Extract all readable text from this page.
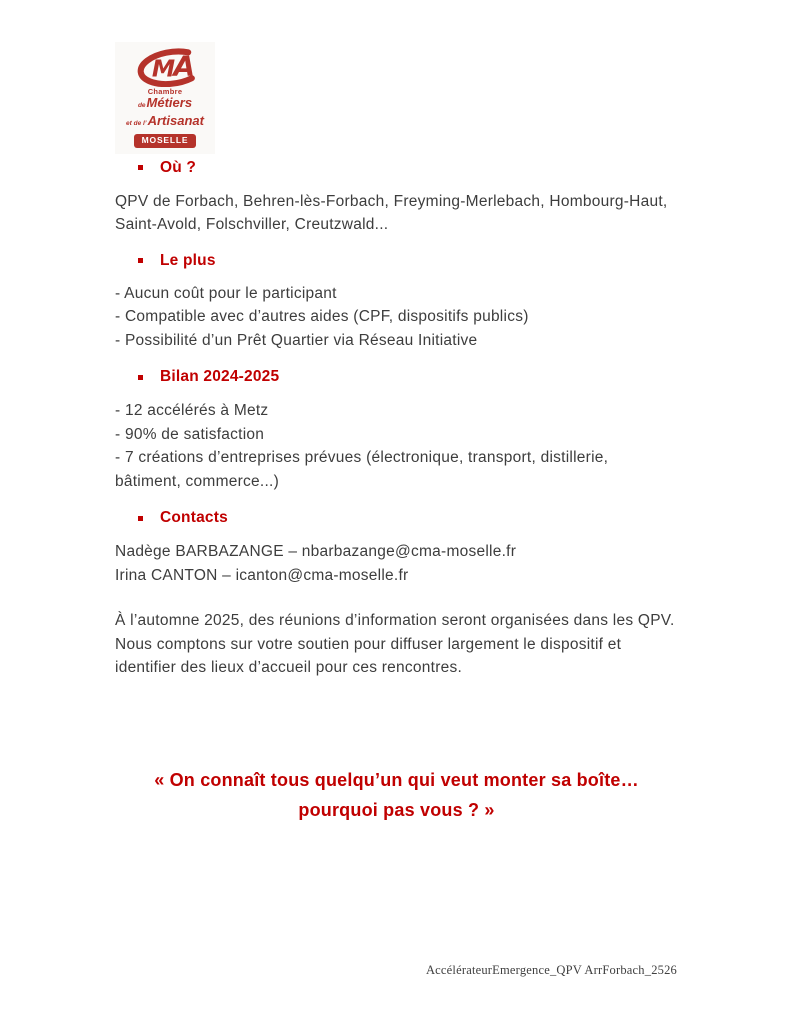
M
A
Chambre
deMétiers
et de l’Artisanat
MOSELLE
Où ?
QPV de Forbach, Behren-lès-Forbach, Freyming-Merlebach, Hombourg-Haut,
Saint-Avold, Folschviller, Creutzwald...
Le plus
- Aucun coût pour le participant
- Compatible avec d’autres aides (CPF, dispositifs publics)
- Possibilité d’un Prêt Quartier via Réseau Initiative
Bilan 2024-2025
- 12 accélérés à Metz
- 90% de satisfaction
- 7 créations d’entreprises prévues (électronique, transport, distillerie,
bâtiment, commerce...)
Contacts
Nadège BARBAZANGE – nbarbazange@cma-moselle.fr
Irina CANTON – icanton@cma-moselle.fr
À l’automne 2025, des réunions d’information seront organisées dans les QPV.
Nous comptons sur votre soutien pour diffuser largement le dispositif et
identifier des lieux d’accueil pour ces rencontres.
« On connaît tous quelqu’un qui veut monter sa boîte…
pourquoi pas vous ? »
AccélérateurEmergence_QPV ArrForbach_2526
